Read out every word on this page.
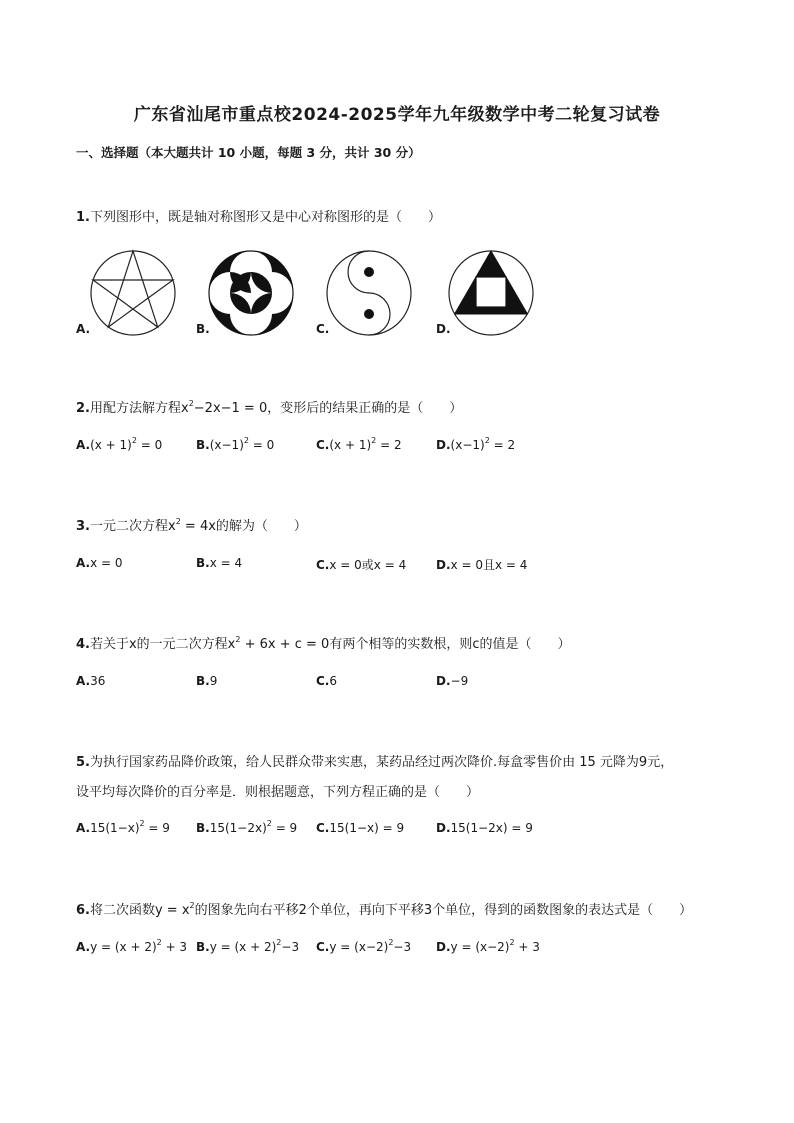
广东省汕尾市重点校2024-2025学年九年级数学中考二轮复习试卷
一、选择题（本大题共计 10 小题，每题 3 分，共计 30 分）
1.下列图形中，既是轴对称图形又是中心对称图形的是（　　）
A.	B.	C.	D.
2.用配方法解方程$x^2-2x-1 = 0$，变形后的结果正确的是（　　）
$A.(x + 1)^2 = 0$	$B.(x-1)^2 = 0$	$C.(x + 1)^2 = 2$	$D.(x-1)^2 = 2$
3.一元二次方程$x^2 = 4x$的解为（　　）
A.x = 0	B.x = 4	C.x = 0或x = 4 D.x = 0且x = 4
4.若关于x的一元二次方程$x^2 + 6x + c = 0$有两个相等的实数根，则c的值是（　　）
A.36	B.9	C.6	D.−9
5.为执行国家药品降价政策，给人民群众带来实惠，某药品经过两次降价.每盒零售价由 15 元降为9元，
设平均每次降价的百分率是．则根据题意，下列方程正确的是（　　）
$A.15(1-x)^2 = 9$ $B.15(1-2x)^2 = 9$ C.15(1−x) = 9	D.15(1−2x) = 9
6.将二次函数$y = x^2$的图象先向右平移2个单位，再向下平移3个单位，得到的函数图象的表达式是（　　）
$A.y = (x + 2)^2 + 3$ $B.y = (x + 2)^2-3$ $C.y = (x-2)^2-3$ $D.y = (x-2)^2 + 3$
